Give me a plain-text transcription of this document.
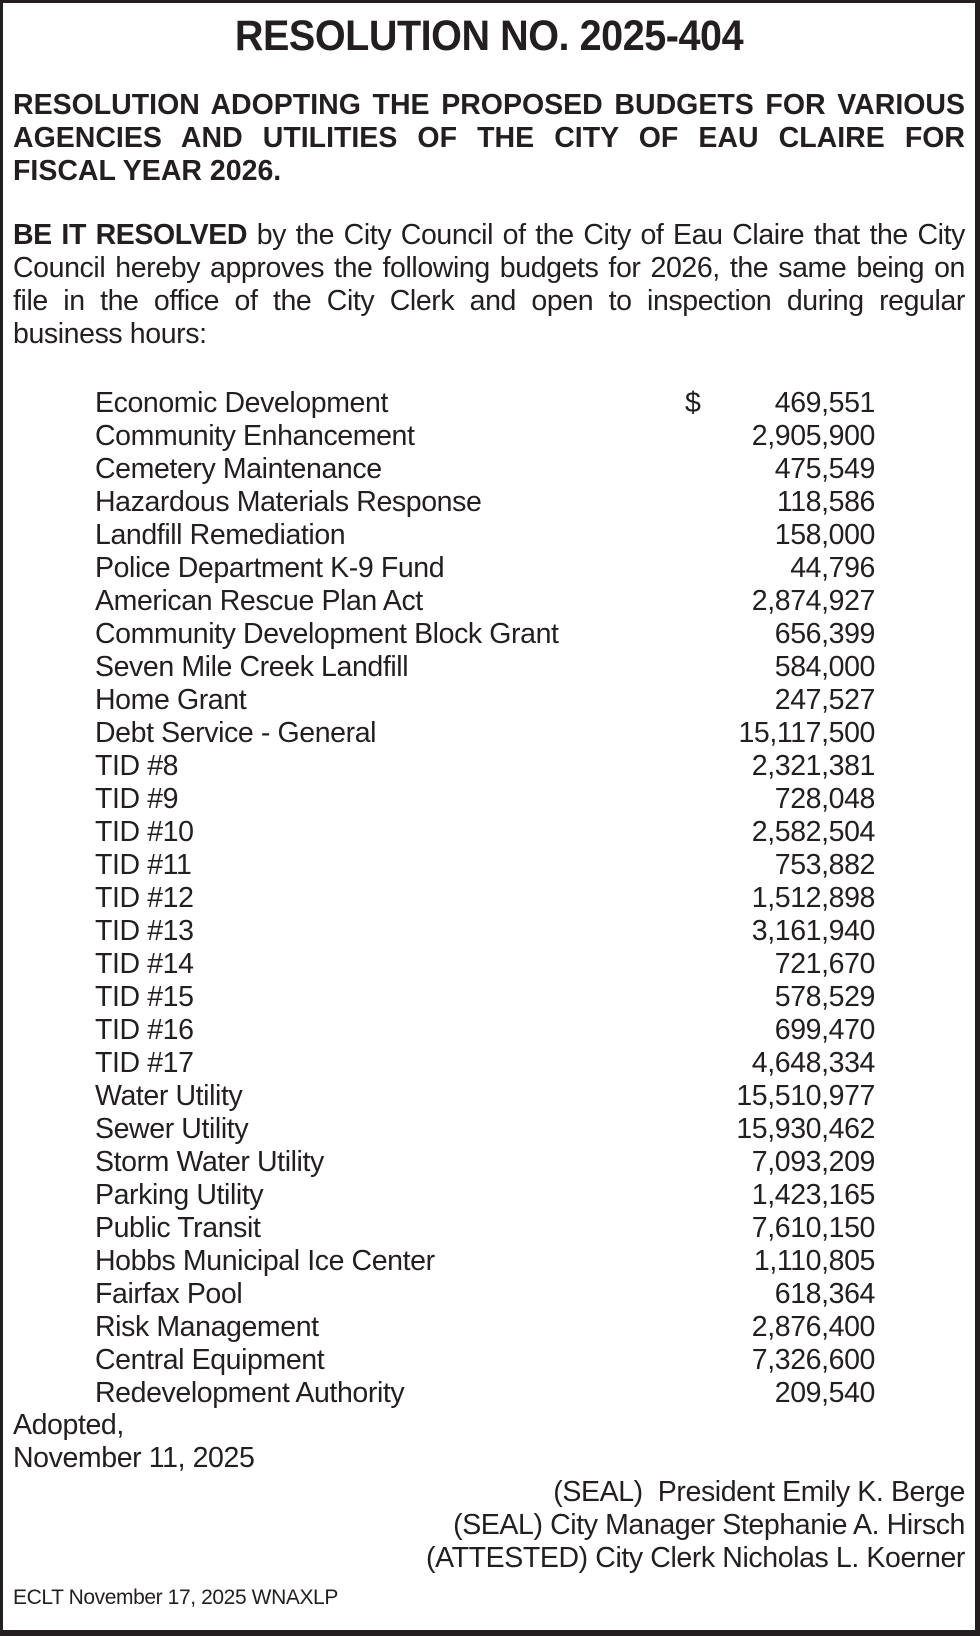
RESOLUTION NO. 2025-404
RESOLUTION ADOPTING THE PROPOSED BUDGETS FOR VARIOUS AGENCIES AND UTILITIES OF THE CITY OF EAU CLAIRE FOR FISCAL YEAR 2026.
BE IT RESOLVED by the City Council of the City of Eau Claire that the City Council hereby approves the following budgets for 2026, the same being on file in the office of the City Clerk and open to inspection during regular business hours:
Economic Development	$	469,551
Community Enhancement	2,905,900
Cemetery Maintenance	475,549
Hazardous Materials Response	118,586
Landfill Remediation	158,000
Police Department K-9 Fund	44,796
American Rescue Plan Act	2,874,927
Community Development Block Grant	656,399
Seven Mile Creek Landfill	584,000
Home Grant	247,527
Debt Service - General	15,117,500
TID #8	2,321,381
TID #9	728,048
TID #10	2,582,504
TID #11	753,882
TID #12	1,512,898
TID #13	3,161,940
TID #14	721,670
TID #15	578,529
TID #16	699,470
TID #17	4,648,334
Water Utility	15,510,977
Sewer Utility	15,930,462
Storm Water Utility	7,093,209
Parking Utility	1,423,165
Public Transit	7,610,150
Hobbs Municipal Ice Center	1,110,805
Fairfax Pool	618,364
Risk Management	2,876,400
Central Equipment	7,326,600
Redevelopment Authority	209,540
Adopted,
November 11, 2025
(SEAL)  President Emily K. Berge
(SEAL) City Manager Stephanie A. Hirsch
(ATTESTED) City Clerk Nicholas L. Koerner
ECLT November 17, 2025 WNAXLP
